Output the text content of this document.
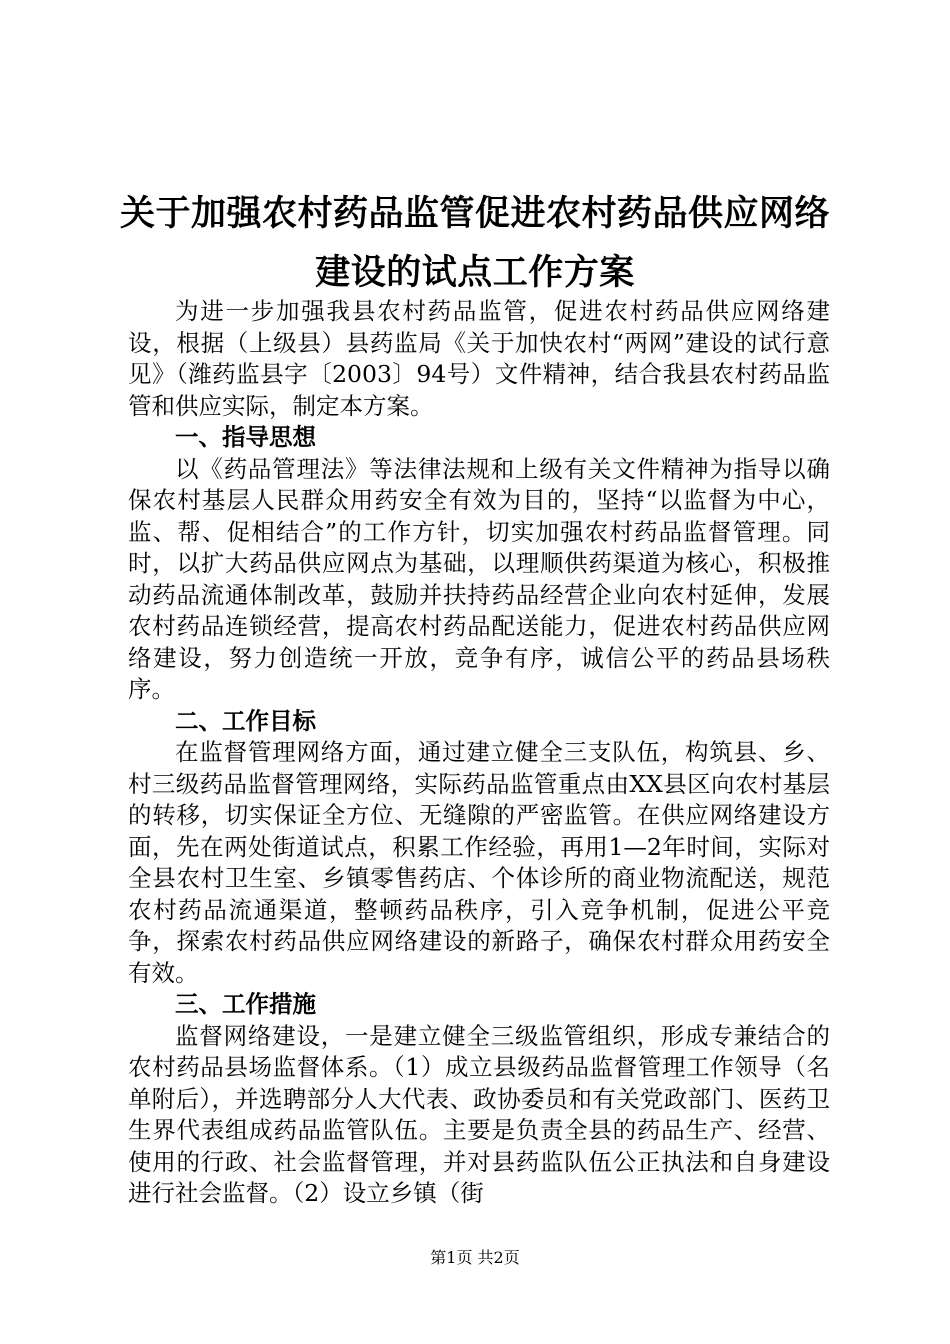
关于加强农村药品监管促进农村药品供应网络
建设的试点工作方案

为进一步加强我县农村药品监管，促进农村药品供应网络建设，根据（上级县）县药监局《关于加快农村“两网”建设的试行意见》（潍药监县字〔2003〕94号）文件精神，结合我县农村药品监管和供应实际，制定本方案。

一、指导思想

以《药品管理法》等法律法规和上级有关文件精神为指导以确保农村基层人民群众用药安全有效为目的，坚持“以监督为中心，监、帮、促相结合”的工作方针，切实加强农村药品监督管理。同时，以扩大药品供应网点为基础，以理顺供药渠道为核心，积极推动药品流通体制改革，鼓励并扶持药品经营企业向农村延伸，发展农村药品连锁经营，提高农村药品配送能力，促进农村药品供应网络建设，努力创造统一开放，竞争有序，诚信公平的药品县场秩序。

二、工作目标

在监督管理网络方面，通过建立健全三支队伍，构筑县、乡、村三级药品监督管理网络，实际药品监管重点由XX县区向农村基层的转移，切实保证全方位、无缝隙的严密监管。在供应网络建设方面，先在两处街道试点，积累工作经验，再用1—2年时间，实际对全县农村卫生室、乡镇零售药店、个体诊所的商业物流配送，规范农村药品流通渠道，整顿药品秩序，引入竞争机制，促进公平竞争，探索农村药品供应网络建设的新路子，确保农村群众用药安全有效。

三、工作措施

监督网络建设，一是建立健全三级监管组织，形成专兼结合的农村药品县场监督体系。（1）成立县级药品监督管理工作领导（名单附后），并选聘部分人大代表、政协委员和有关党政部门、医药卫生界代表组成药品监管队伍。主要是负责全县的药品生产、经营、使用的行政、社会监督管理，并对县药监队伍公正执法和自身建设进行社会监督。（2）设立乡镇（街

第1页 共2页
